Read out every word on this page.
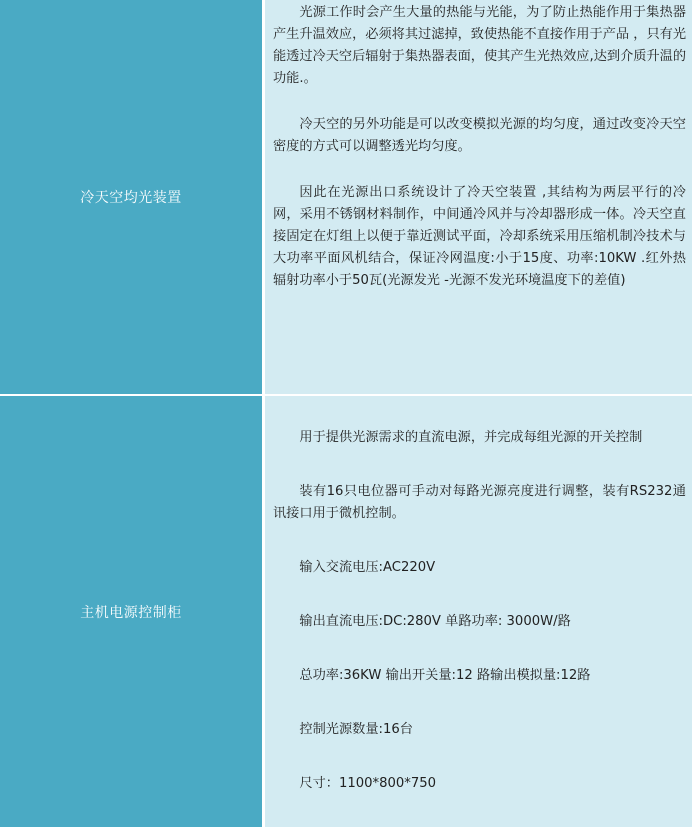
冷天空均光装置

光源工作时会产生大量的热能与光能，为了防止热能作用于集热器产生升温效应，必须将其过滤掉，致使热能不直接作用于产品 ，只有光能透过冷天空后辐射于集热器表面，使其产生光热效应,达到介质升温的功能.。

冷天空的另外功能是可以改变模拟光源的均匀度，通过改变冷天空密度的方式可以调整透光均匀度。

因此在光源出口系统设计了冷天空装置 ,其结构为两层平行的冷网，采用不锈钢材料制作，中间通冷风并与冷却器形成一体。冷天空直接固定在灯组上以便于靠近测试平面，冷却系统采用压缩机制冷技术与大功率平面风机结合，保证冷网温度:小于15度、功率:10KW .红外热辐射功率小于50瓦(光源发光 -光源不发光环境温度下的差值)

主机电源控制柜

用于提供光源需求的直流电源，并完成每组光源的开关控制

装有16只电位器可手动对每路光源亮度进行调整，装有RS232通讯接口用于微机控制。

输入交流电压:AC220V

输出直流电压:DC:280V 单路功率: 3000W/路

总功率:36KW 输出开关量:12 路输出模拟量:12路

控制光源数量:16台

尺寸：1100*800*750
